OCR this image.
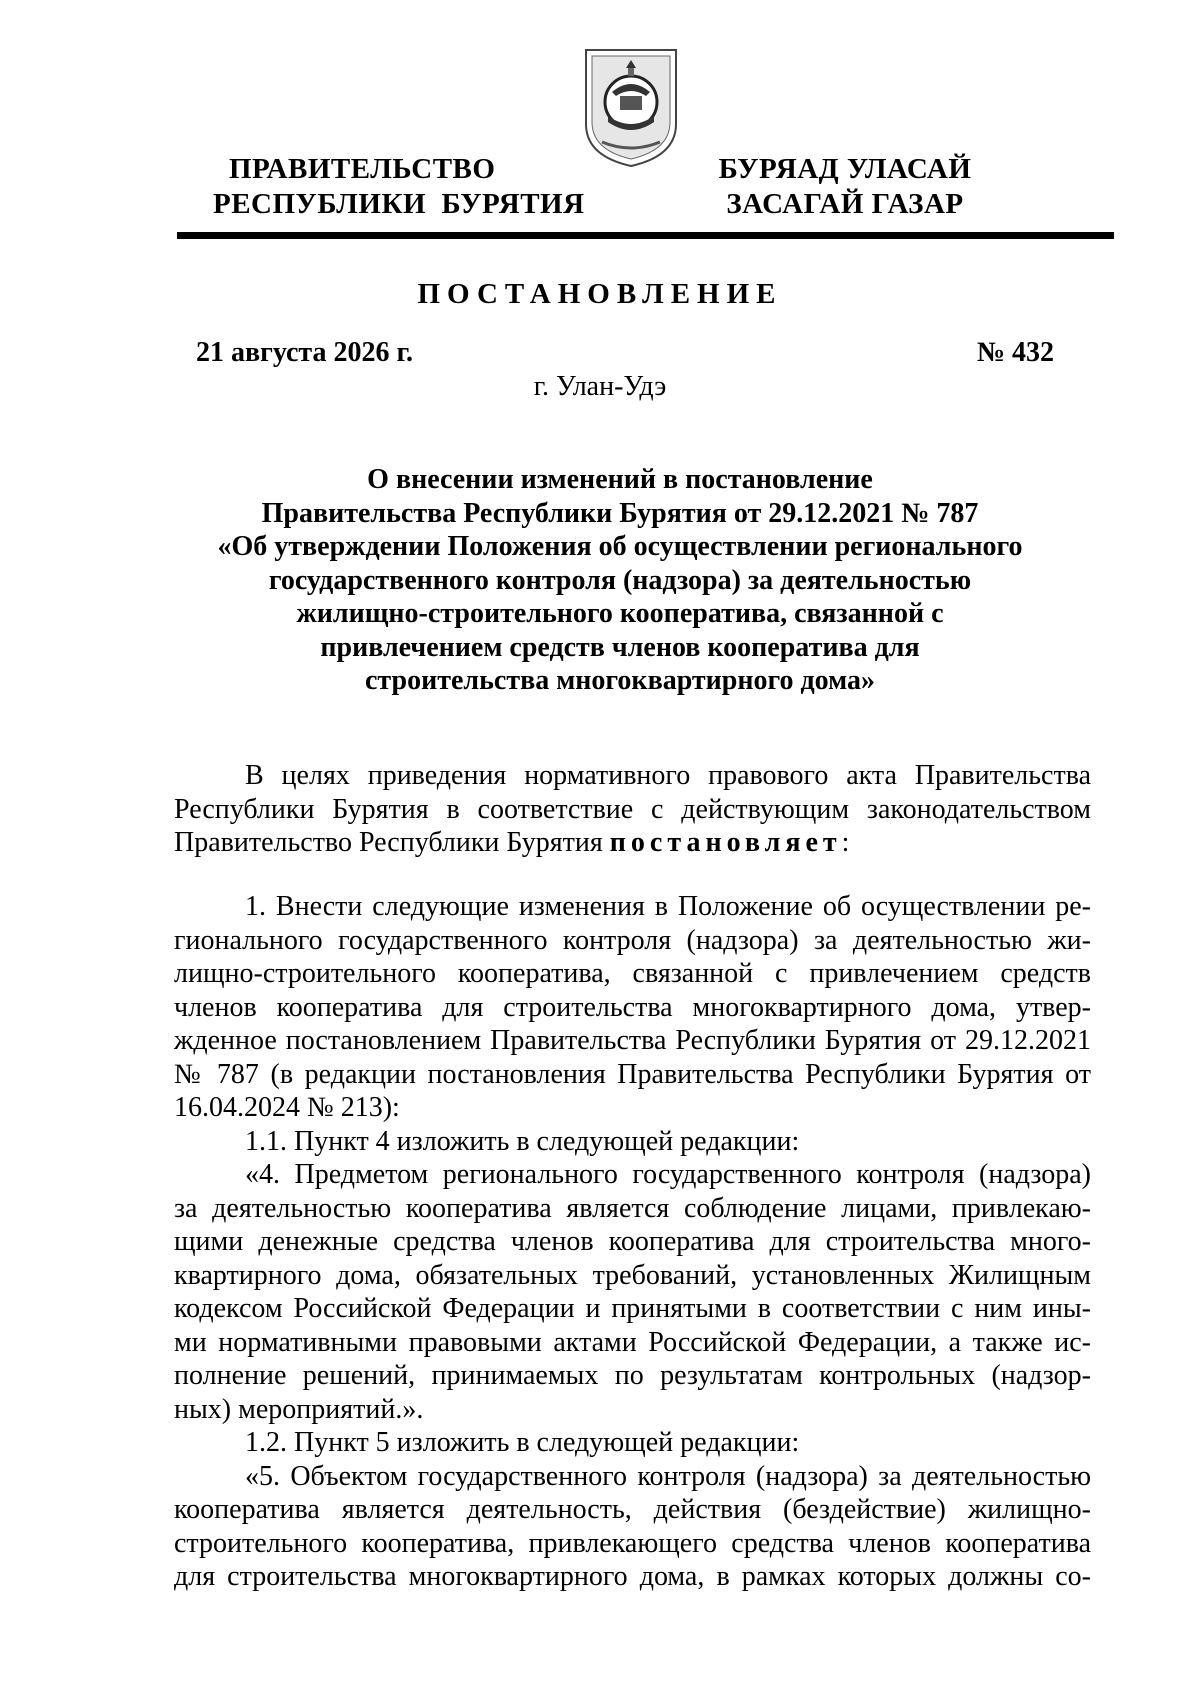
ПРАВИТЕЛЬСТВО
РЕСПУБЛИКИ  БУРЯТИЯ
БУРЯАД УЛАСАЙ
ЗАСАГАЙ ГАЗАР
ПОСТАНОВЛЕНИЕ
21 августа 2026 г.	№ 432
г. Улан-Удэ
О внесении изменений в постановление
Правительства Республики Бурятия от 29.12.2021 № 787
«Об утверждении Положения об осуществлении регионального
государственного контроля (надзора) за деятельностью
жилищно-строительного кооператива, связанной с
привлечением средств членов кооператива для
строительства многоквартирного дома»
В целях приведения нормативного правового акта Правительства
Республики Бурятия в соответствие с действующим законодательством
Правительство Республики Бурятия постановляет:
1. Внести следующие изменения в Положение об осуществлении ре-
гионального государственного контроля (надзора) за деятельностью жи-
лищно-строительного кооператива, связанной с привлечением средств
членов кооператива для строительства многоквартирного дома, утвер-
жденное постановлением Правительства Республики Бурятия от 29.12.2021
№ 787 (в редакции постановления Правительства Республики Бурятия от
16.04.2024 № 213):
1.1. Пункт 4 изложить в следующей редакции:
«4. Предметом регионального государственного контроля (надзора)
за деятельностью кооператива является соблюдение лицами, привлекаю-
щими денежные средства членов кооператива для строительства много-
квартирного дома, обязательных требований, установленных Жилищным
кодексом Российской Федерации и принятыми в соответствии с ним ины-
ми нормативными правовыми актами Российской Федерации, а также ис-
полнение решений, принимаемых по результатам контрольных (надзор-
ных) мероприятий.».
1.2. Пункт 5 изложить в следующей редакции:
«5. Объектом государственного контроля (надзора) за деятельностью
кооператива является деятельность, действия (бездействие) жилищно-
строительного кооператива, привлекающего средства членов кооператива
для строительства многоквартирного дома, в рамках которых должны со-
